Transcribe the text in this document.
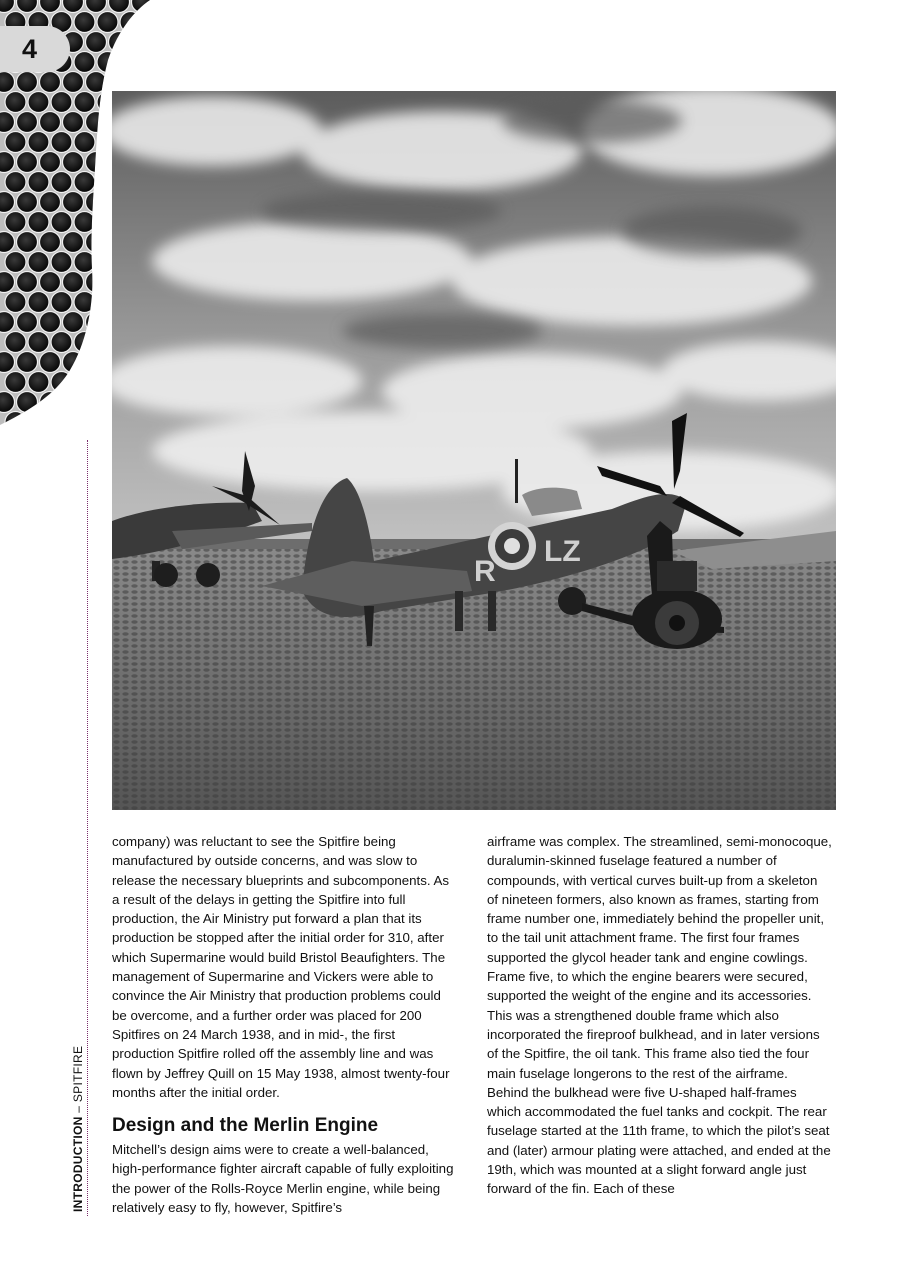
4
INTRODUCTION – SPITFIRE
R
LZ

company) was reluctant to see the Spitfire being manufactured by outside concerns, and was slow to release the necessary blueprints and subcomponents. As a result of the delays in getting the Spitfire into full production, the Air Ministry put forward a plan that its production be stopped after the initial order for 310, after which Supermarine would build Bristol Beaufighters. The management of Supermarine and Vickers were able to convince the Air Ministry that production problems could be overcome, and a further order was placed for 200 Spitfires on 24 March 1938, and in mid-, the first production Spitfire rolled off the assembly line and was flown by Jeffrey Quill on 15 May 1938, almost twenty-four months after the initial order.

Design and the Merlin Engine

Mitchell’s design aims were to create a well-balanced, high-performance fighter aircraft capable of fully exploiting the power of the Rolls-Royce Merlin engine, while being relatively easy to fly, however, Spitfire’s

airframe was complex. The streamlined, semi-monocoque, duralumin-skinned fuselage featured a number of compounds, with vertical curves built-up from a skeleton of nineteen formers, also known as frames, starting from frame number one, immediately behind the propeller unit, to the tail unit attachment frame. The first four frames supported the glycol header tank and engine cowlings. Frame five, to which the engine bearers were secured, supported the weight of the engine and its accessories. This was a strengthened double frame which also incorporated the fireproof bulkhead, and in later versions of the Spitfire, the oil tank. This frame also tied the four main fuselage longerons to the rest of the airframe. Behind the bulkhead were five U-shaped half-frames which accommodated the fuel tanks and cockpit. The rear fuselage started at the 11th frame, to which the pilot’s seat and (later) armour plating were attached, and ended at the 19th, which was mounted at a slight forward angle just forward of the fin. Each of these
